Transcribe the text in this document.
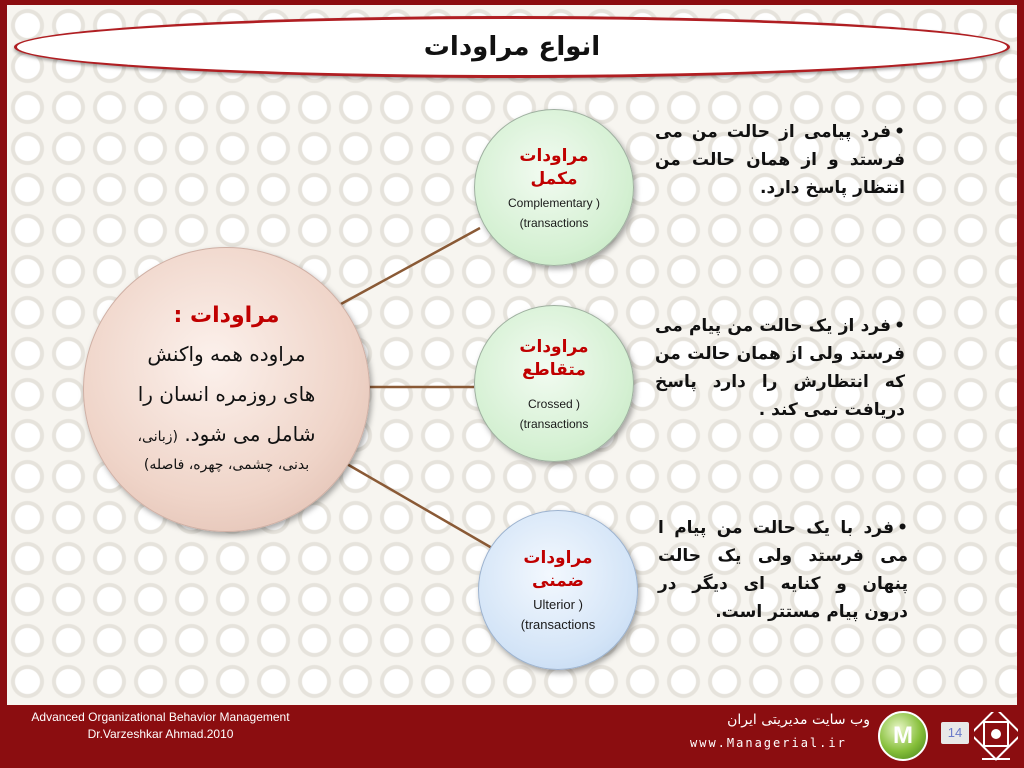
انواع مراودات
مراودات :
مراوده همه واکنش
های روزمره انسان را
شامل می شود. (زبانی،
بدنی، چشمی، چهره، فاصله)
مراودات
مکمل
Complementary )
(transactions
مراودات
متقاطع
Crossed )
(transactions
مراودات
ضمنی
Ulterior )
(transactions
•فرد پیامی از حالت من می فرستد و از همان حالت من انتظار پاسخ دارد.
•فرد از یک حالت من پیام می فرستد ولی از همان حالت من که انتظارش را دارد پاسخ دریافت نمی کند .
•فرد با یک حالت من پیام ا می فرستد ولی یک حالت پنهان و کنایه ای دیگر در درون پیام مستتر است.
Advanced Organizational Behavior Management
Dr.Varzeshkar Ahmad.2010
وب سایت مدیریتی ایران
www.Managerial.ir	M	14
